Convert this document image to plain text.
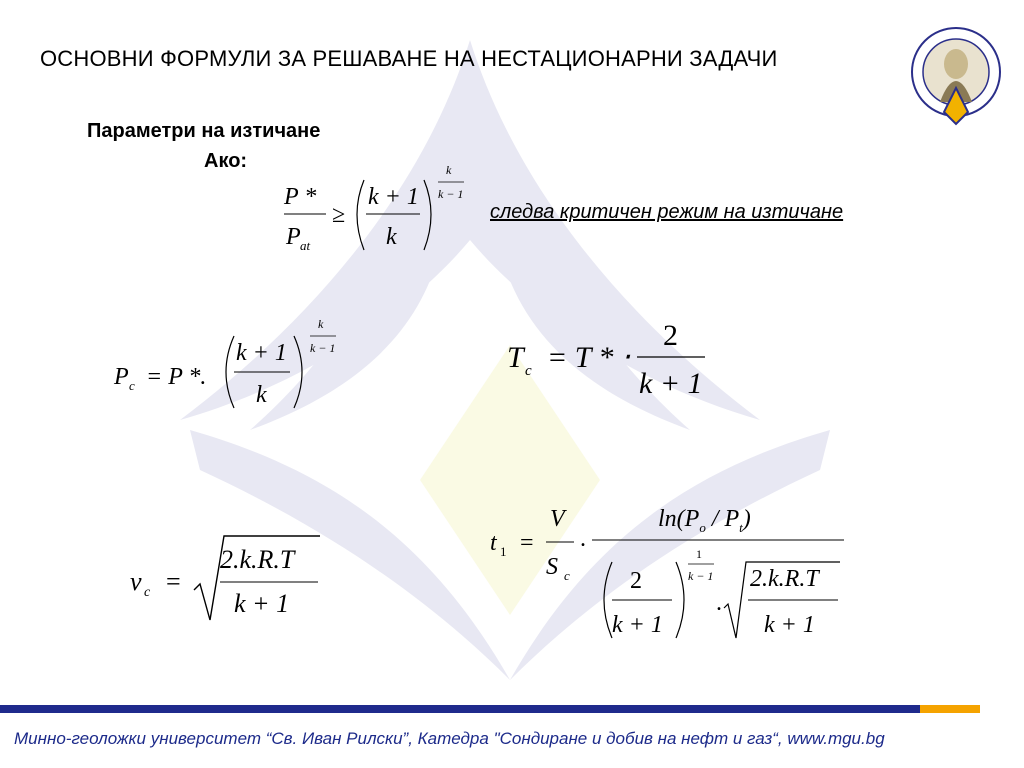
ОСНОВНИ ФОРМУЛИ ЗА РЕШАВАНЕ НА НЕСТАЦИОНАРНИ ЗАДАЧИ
Параметри на изтичане
Ако:
P *
P at
≥
k + 1
k
k
k − 1
следва критичен режим на изтичане
P c = P *.
k + 1
k
k
k − 1	T c = T * ⋅
2
k + 1
v c =
2.k.R.T
k + 1
t 1 =
V
S c
.
$\ln(P_o / P_t)$
2
k + 1
1
k − 1
.
2.k.R.T
k + 1
Минно-геоложки университет “Св. Иван Рилски”, Катедра "Сондиране и добив на нефт и газ“, www.mgu.bg
